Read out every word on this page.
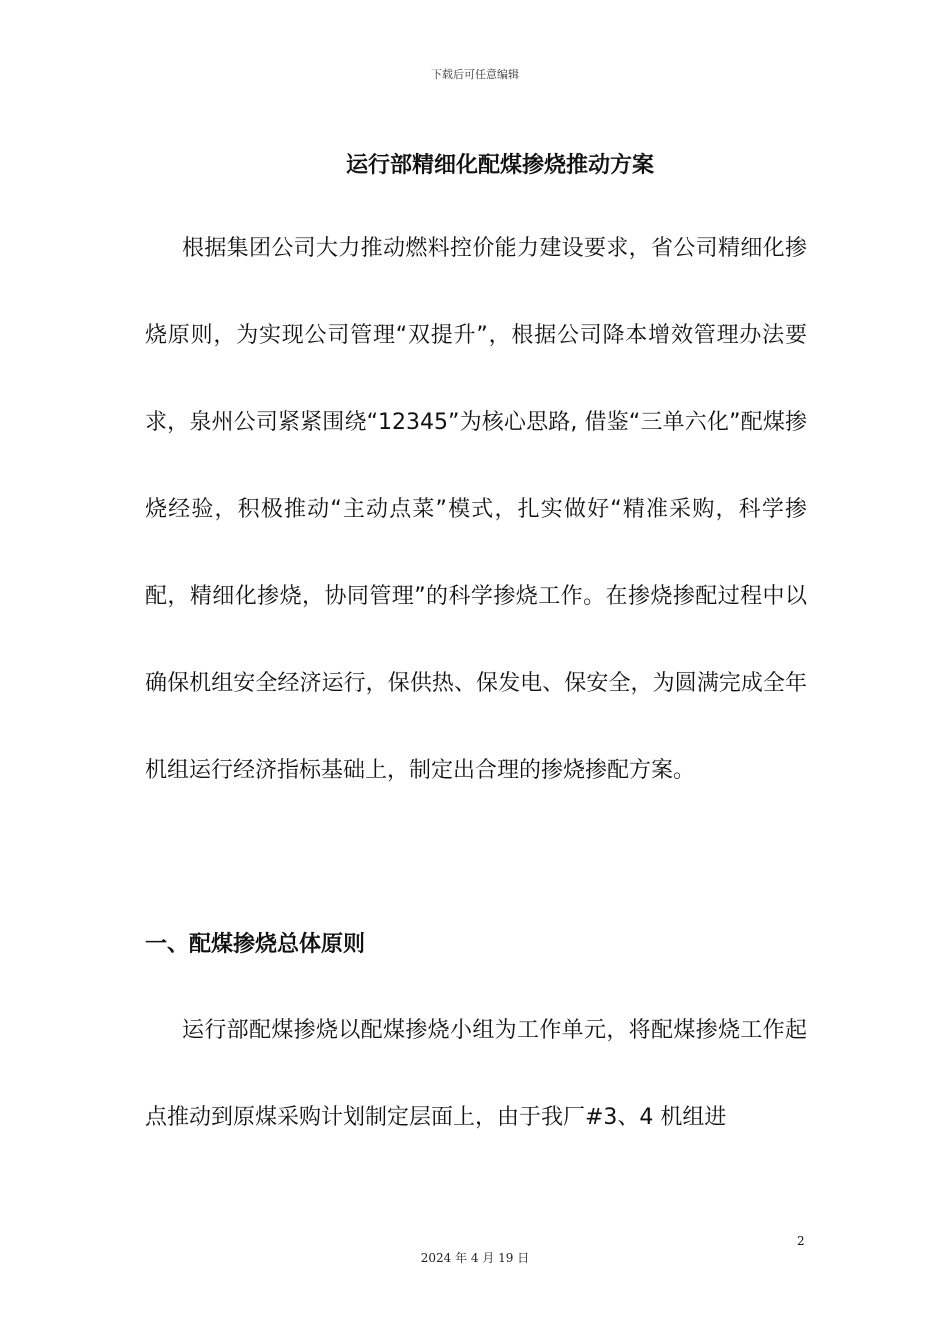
下载后可任意编辑
运行部精细化配煤掺烧推动方案

根据集团公司大力推动燃料控价能力建设要求，省公司精细化掺烧原则，为实现公司管理“双提升”，根据公司降本增效管理办法要求，泉州公司紧紧围绕“12345”为核心思路, 借鉴“三单六化”配煤掺烧经验，积极推动“主动点菜”模式，扎实做好“精准采购，科学掺配，精细化掺烧，协同管理”的科学掺烧工作。在掺烧掺配过程中以确保机组安全经济运行，保供热、保发电、保安全，为圆满完成全年机组运行经济指标基础上，制定出合理的掺烧掺配方案。

一、配煤掺烧总体原则

运行部配煤掺烧以配煤掺烧小组为工作单元，将配煤掺烧工作起点推动到原煤采购计划制定层面上，由于我厂#3、4 机组进

2
2024 年 4 月 19 日
